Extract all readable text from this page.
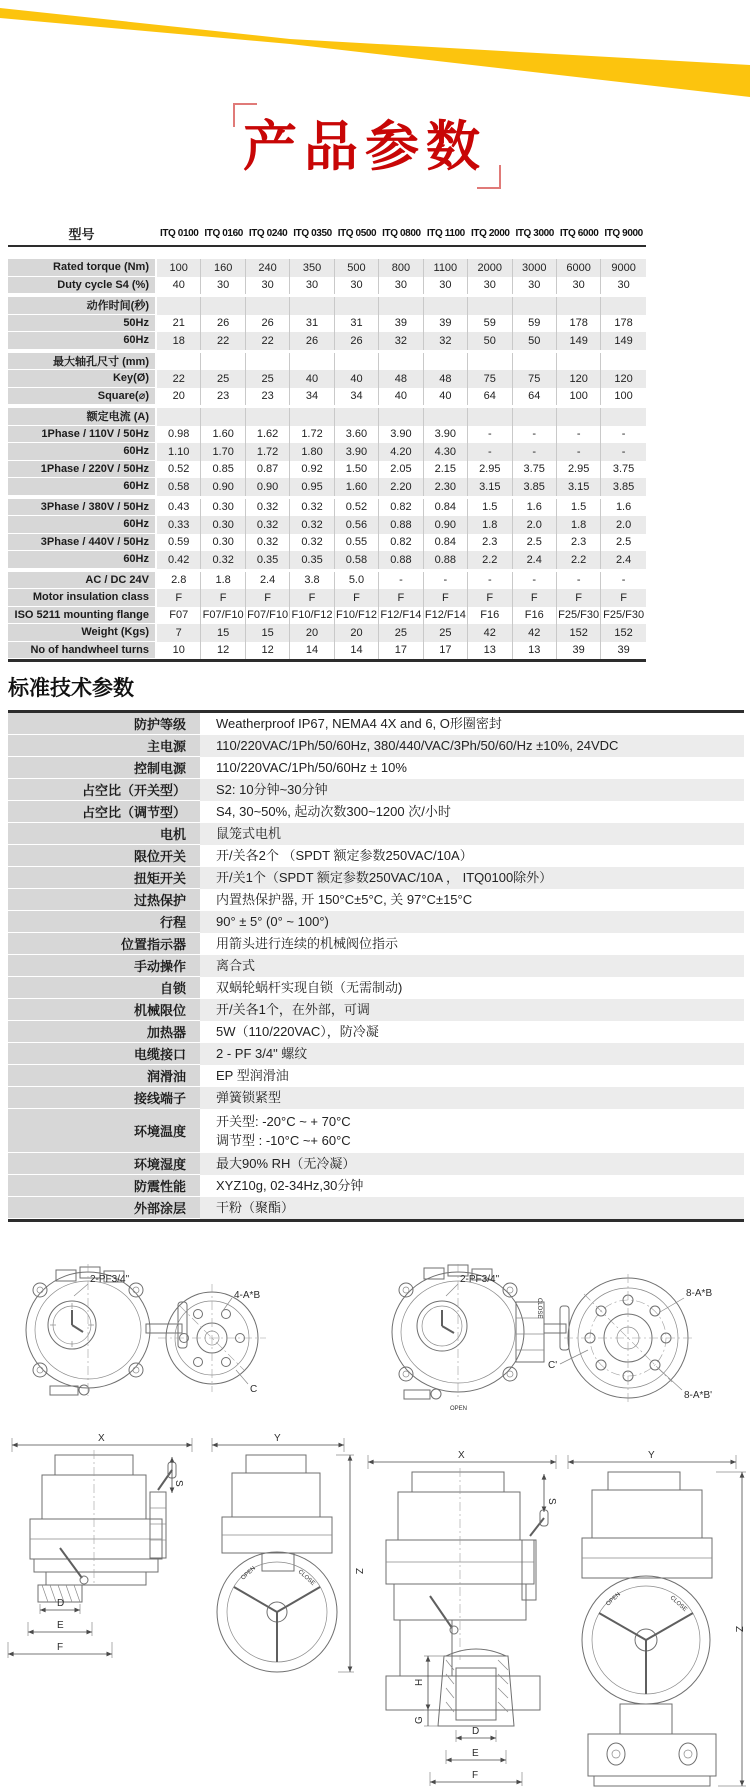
产品参数
型号	ITQ 0100 ITQ 0160 ITQ 0240 ITQ 0350 ITQ 0500 ITQ 0800 ITQ 1100 ITQ 2000 ITQ 3000 ITQ 6000 ITQ 9000
Rated torque (Nm)	100	160	240	350	500	800	1100	2000	3000	6000	9000
Duty cycle S4 (%)	40	30	30	30	30	30	30	30	30	30	30
动作时间(秒)
50Hz	21	26	26	31	31	39	39	59	59	178	178
60Hz	18	22	22	26	26	32	32	50	50	149	149
最大轴孔尺寸 (mm)
Key(Ø)	22	25	25	40	40	48	48	75	75	120	120
Square(⌀)	20	23	23	34	34	40	40	64	64	100	100
额定电流 (A)
1Phase / 110V / 50Hz	0.98	1.60	1.62	1.72	3.60	3.90	3.90	-	-	-	-
60Hz	1.10	1.70	1.72	1.80	3.90	4.20	4.30	-	-	-	-
1Phase / 220V / 50Hz	0.52	0.85	0.87	0.92	1.50	2.05	2.15	2.95	3.75	2.95	3.75
60Hz	0.58	0.90	0.90	0.95	1.60	2.20	2.30	3.15	3.85	3.15	3.85
3Phase / 380V / 50Hz	0.43	0.30	0.32	0.32	0.52	0.82	0.84	1.5	1.6	1.5	1.6
60Hz	0.33	0.30	0.32	0.32	0.56	0.88	0.90	1.8	2.0	1.8	2.0
3Phase / 440V / 50Hz	0.59	0.30	0.32	0.32	0.55	0.82	0.84	2.3	2.5	2.3	2.5
60Hz	0.42	0.32	0.35	0.35	0.58	0.88	0.88	2.2	2.4	2.2	2.4
AC / DC 24V	2.8	1.8	2.4	3.8	5.0	-	-	-	-	-	-
Motor insulation class	F	F	F	F	F	F	F	F	F	F	F
ISO 5211 mounting flange	F07	F07/F10 F07/F10 F10/F12 F10/F12 F12/F14 F12/F14	F16	F16	F25/F30 F25/F30
Weight (Kgs)	7	15	15	20	20	25	25	42	42	152	152
No of handwheel turns	10	12	12	14	14	17	17	13	13	39	39
标准技术参数
防护等级	Weatherproof IP67, NEMA4 4X and 6, O形圈密封
主电源	110/220VAC/1Ph/50/60Hz, 380/440/VAC/3Ph/50/60/Hz ±10%, 24VDC
控制电源	110/220VAC/1Ph/50/60Hz ± 10%
占空比（开关型）	S2: 10分钟~30分钟
占空比（调节型）	S4, 30~50%, 起动次数300~1200 次/小时
电机	鼠笼式电机
限位开关	开/关各2个 （SPDT 额定参数250VAC/10A）
扭矩开关	开/关1个（SPDT 额定参数250VAC/10A ， ITQ0100除外）
过热保护	内置热保护器, 开 150°C±5°C, 关 97°C±15°C
行程	90° ± 5° (0° ~ 100°)
位置指示器	用箭头进行连续的机械阀位指示
手动操作	离合式
自锁	双蜗轮蜗杆实现自锁（无需制动)
机械限位	开/关各1个，在外部，可调
加热器	5W（110/220VAC），防冷凝
电缆接口	2 - PF 3/4" 螺纹
润滑油	EP 型润滑油
接线端子	弹簧锁紧型
环境温度
开关型: -20°C ~ + 70°C
调节型 : -10°C ~+ 60°C
环境湿度	最大90% RH（无冷凝）
防震性能	XYZ10g, 02-34Hz,30分钟
外部涂层	干粉（聚酯）
2-PF3/4"
4-A*B
C
X
S
D
E
F
Y
OPEN	CLOSE	Z
2-PF3/4"
CLOSE
OPEN
C'
8-A*B
8-A*B'
X
S
H
G
D
E
F
Y
OPEN	CLOSE
Z
